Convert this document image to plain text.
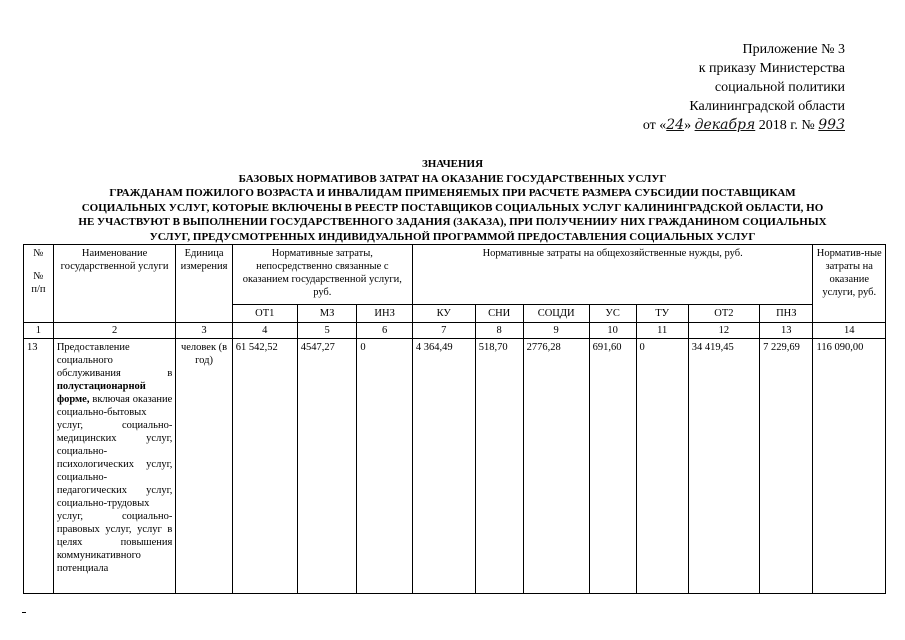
Приложение № 3
к приказу Министерства
социальной политики
Калининградской области
от «24» декабря 2018 г. № 993
ЗНАЧЕНИЯ
БАЗОВЫХ НОРМАТИВОВ ЗАТРАТ НА ОКАЗАНИЕ ГОСУДАРСТВЕННЫХ УСЛУГ
ГРАЖДАНАМ ПОЖИЛОГО ВОЗРАСТА И ИНВАЛИДАМ ПРИМЕНЯЕМЫХ ПРИ РАСЧЕТЕ РАЗМЕРА СУБСИДИИ ПОСТАВЩИКАМ
СОЦИАЛЬНЫХ УСЛУГ, КОТОРЫЕ ВКЛЮЧЕНЫ В РЕЕСТР ПОСТАВЩИКОВ СОЦИАЛЬНЫХ УСЛУГ КАЛИНИНГРАДСКОЙ ОБЛАСТИ, НО
НЕ УЧАСТВУЮТ В ВЫПОЛНЕНИИ ГОСУДАРСТВЕННОГО ЗАДАНИЯ (ЗАКАЗА), ПРИ ПОЛУЧЕНИИУ НИХ ГРАЖДАНИНОМ СОЦИАЛЬНЫХ
УСЛУГ, ПРЕДУСМОТРЕННЫХ ИНДИВИДУАЛЬНОЙ ПРОГРАММОЙ ПРЕДОСТАВЛЕНИЯ СОЦИАЛЬНЫХ УСЛУГ
№
№
п/п	Наименование государственной услуги	Единица измерения	Нормативные затраты, непосредственно связанные с оказанием государственной услуги, руб.			Нормативные затраты на общехозяйственные нужды, руб.							Норматив-ные затраты на оказание услуги, руб.
			ОТ1	МЗ	ИНЗ	КУ	СНИ	СОЦДИ	УС	ТУ	ОТ2	ПНЗ	
1	2	3	4	5	6	7	8	9	10	11	12	13	14
13	Предоставление социального обслуживания в полустационарной форме, включая оказание социально-бытовых услуг, социально-медицинских услуг, социально-психологических услуг, социально-педагогических услуг, социально-трудовых услуг, социально-правовых услуг, услуг в целях повышения коммуникативного потенциала	человек (в год)	61 542,52	4547,27	0	4 364,49	518,70	2776,28	691,60	0	34 419,45	7 229,69	116 090,00
